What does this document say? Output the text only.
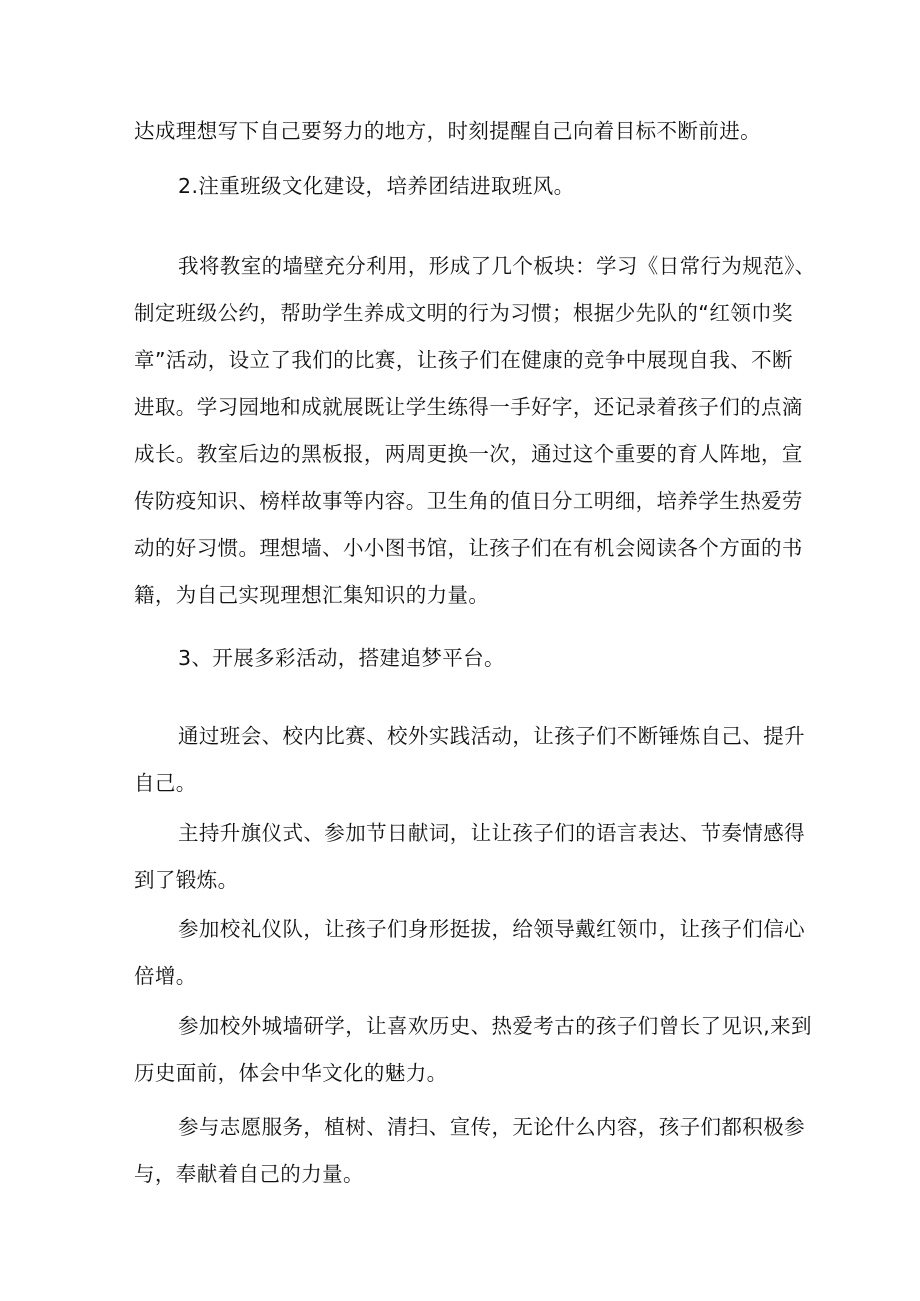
达成理想写下自己要努力的地方，时刻提醒自己向着目标不断前进。
2.注重班级文化建设，培养团结进取班风。
我将教室的墙壁充分利用，形成了几个板块：学习《日常行为规范》、
制定班级公约，帮助学生养成文明的行为习惯；根据少先队的“红领巾奖
章”活动，设立了我们的比赛，让孩子们在健康的竞争中展现自我、不断
进取。学习园地和成就展既让学生练得一手好字，还记录着孩子们的点滴
成长。教室后边的黑板报，两周更换一次，通过这个重要的育人阵地，宣
传防疫知识、榜样故事等内容。卫生角的值日分工明细，培养学生热爱劳
动的好习惯。理想墙、小小图书馆，让孩子们在有机会阅读各个方面的书
籍，为自己实现理想汇集知识的力量。
3、开展多彩活动，搭建追梦平台。
通过班会、校内比赛、校外实践活动，让孩子们不断锤炼自己、提升
自己。
主持升旗仪式、参加节日献词，让让孩子们的语言表达、节奏情感得
到了锻炼。
参加校礼仪队，让孩子们身形挺拔，给领导戴红领巾，让孩子们信心
倍增。
参加校外城墙研学，让喜欢历史、热爱考古的孩子们曾长了见识,来到
历史面前，体会中华文化的魅力。
参与志愿服务，植树、清扫、宣传，无论什么内容，孩子们都积极参
与，奉献着自己的力量。
